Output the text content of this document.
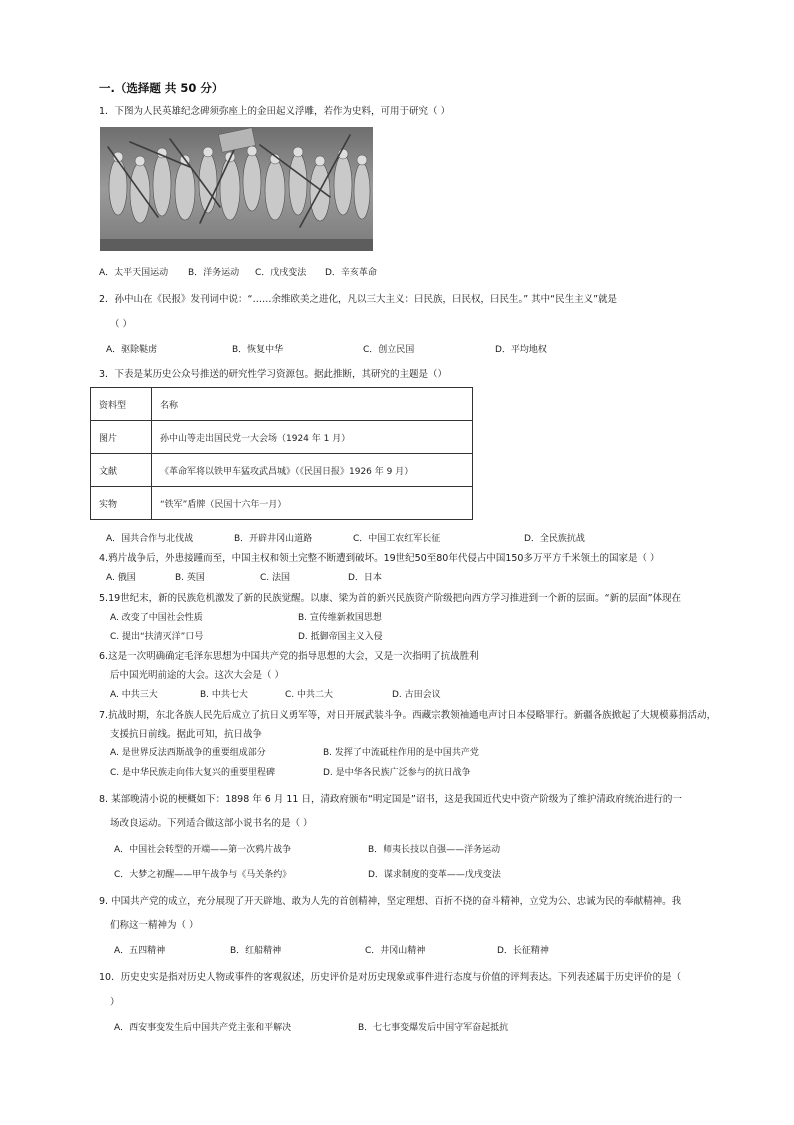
一.（选择题 共 50 分）
1．下图为人民英雄纪念碑须弥座上的金田起义浮雕，若作为史料，可用于研究（ ）
A．太平天国运动 B．洋务运动 C．戊戌变法 D．辛亥革命
2．孙中山在《民报》发刊词中说：“……余维欧美之进化，凡以三大主义：曰民族，曰民权，曰民生。” 其中“民生主义”就是
（ ）
A．驱除鞑虏	B．恢复中华	C．创立民国	D．平均地权
3．下表是某历史公众号推送的研究性学习资源包。据此推断，其研究的主题是（）
资料型	名称
图片	孙中山等走出国民党一大会场（1924 年 1 月）
文献	《革命军将以铁甲车猛攻武昌城》（《民国日报》1926 年 9 月）
实物	“铁军”盾牌（民国十六年一月）
A．国共合作与北伐战	B．开辟井冈山道路	C．中国工农红军长征	D．全民族抗战
4.鸦片战争后，外患接踵而至，中国主权和领土完整不断遭到破坏。19世纪50至80年代侵占中国150多万平方千米领土的国家是（ ）
A. 俄国	B. 英国	C. 法国	D．日本
5.19世纪末，新的民族危机激发了新的民族觉醒。以康、梁为首的新兴民族资产阶级把向西方学习推进到一个新的层面。“新的层面”体现在
A. 改变了中国社会性质	B. 宣传维新救国思想
C. 提出“扶清灭洋”口号	D. 抵御帝国主义入侵
6.这是一次明确确定毛泽东思想为中国共产党的指导思想的大会，又是一次指明了抗战胜利
后中国光明前途的大会。这次大会是（ ）
A. 中共三大	B. 中共七大	C. 中共二大	D. 古田会议
7.抗战时期，东北各族人民先后成立了抗日义勇军等，对日开展武装斗争。西藏宗教领袖通电声讨日本侵略罪行。新疆各族掀起了大规模募捐活动，
支援抗日前线。据此可知，抗日战争
A. 是世界反法西斯战争的重要组成部分	B. 发挥了中流砥柱作用的是中国共产党
C. 是中华民族走向伟大复兴的重要里程碑	D. 是中华各民族广泛参与的抗日战争
8. 某部晚清小说的梗概如下：1898 年 6 月 11 日，清政府颁布“明定国是”诏书，这是我国近代史中资产阶级为了维护清政府统治进行的一
场改良运动。下列适合做这部小说书名的是（ ）
A．中国社会转型的开端——第一次鸦片战争	B．师夷长技以自强——洋务运动
C．大梦之初醒——甲午战争与《马关条约》	D．谋求制度的变革——戊戌变法
9. 中国共产党的成立，充分展现了开天辟地、敢为人先的首创精神，坚定理想、百折不挠的奋斗精神，立党为公、忠诚为民的奉献精神。我
们称这一精神为（ ）
A．五四精神	B．红船精神	C．井冈山精神	D．长征精神
10．历史史实是指对历史人物或事件的客观叙述，历史评价是对历史现象或事件进行态度与价值的评判表达。下列表述属于历史评价的是（
）
A．西安事变发生后中国共产党主张和平解决	B．七七事变爆发后中国守军奋起抵抗
